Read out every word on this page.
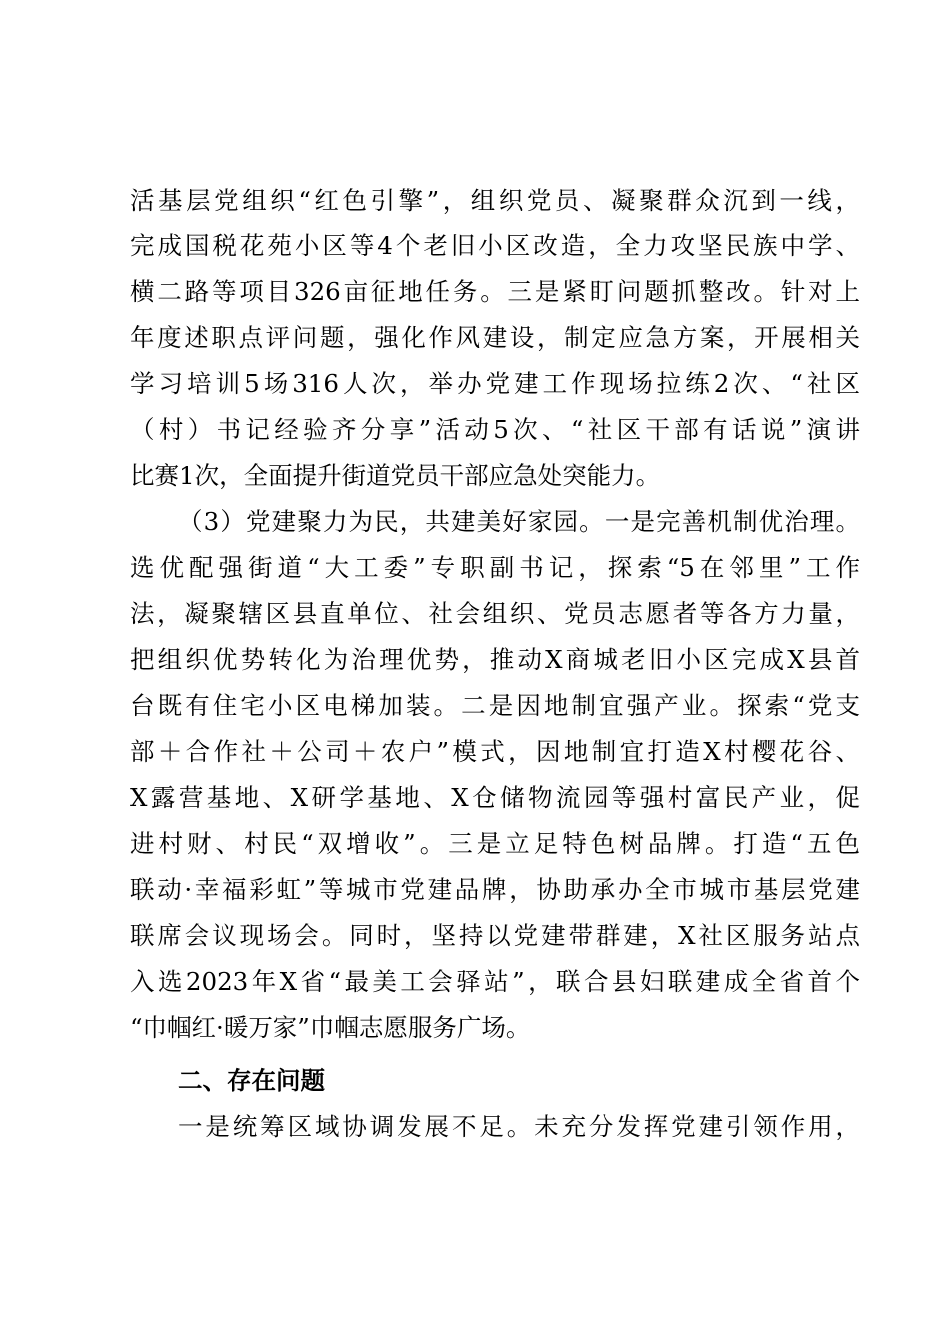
活基层党组织“红色引擎”，组织党员、凝聚群众沉到一线，
完成国税花苑小区等4个老旧小区改造，全力攻坚民族中学、
横二路等项目326亩征地任务。三是紧盯问题抓整改。针对上
年度述职点评问题，强化作风建设，制定应急方案，开展相关
学习培训5场316人次，举办党建工作现场拉练2次、“社区
（村）书记经验齐分享”活动5次、“社区干部有话说”演讲
比赛1次，全面提升街道党员干部应急处突能力。
（3）党建聚力为民，共建美好家园。一是完善机制优治理。
选优配强街道“大工委”专职副书记，探索“5在邻里”工作
法，凝聚辖区县直单位、社会组织、党员志愿者等各方力量，
把组织优势转化为治理优势，推动X商城老旧小区完成X县首
台既有住宅小区电梯加装。二是因地制宜强产业。探索“党支
部＋合作社＋公司＋农户”模式，因地制宜打造X村樱花谷、
X露营基地、X研学基地、X仓储物流园等强村富民产业，促
进村财、村民“双增收”。三是立足特色树品牌。打造“五色
联动·幸福彩虹”等城市党建品牌，协助承办全市城市基层党建
联席会议现场会。同时，坚持以党建带群建，X社区服务站点
入选2023年X省“最美工会驿站”，联合县妇联建成全省首个
“巾帼红·暖万家”巾帼志愿服务广场。
二、存在问题
一是统筹区域协调发展不足。未充分发挥党建引领作用，
